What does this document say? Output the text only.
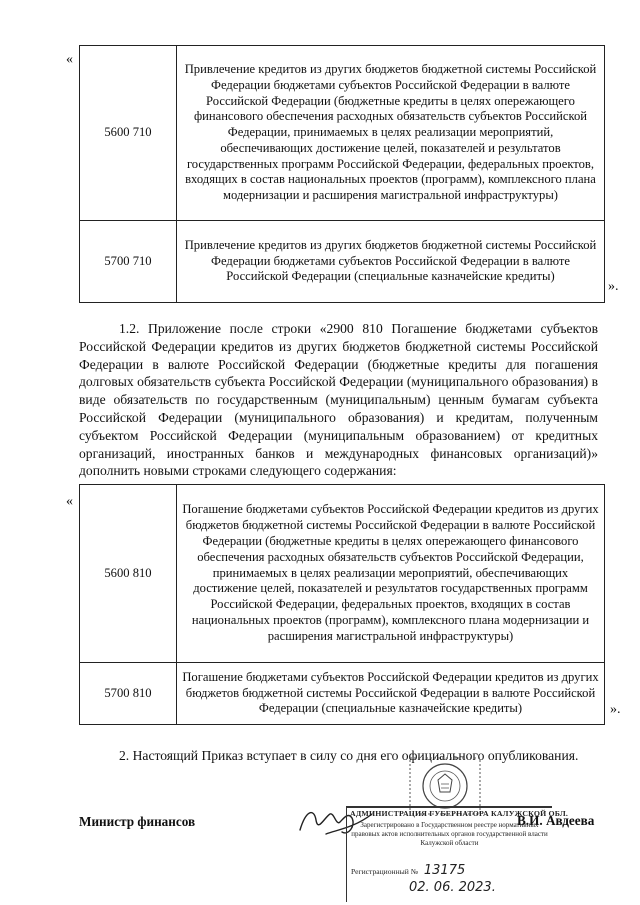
«
5600 710	Привлечение кредитов из других бюджетов бюджетной системы Российской Федерации бюджетами субъектов Российской Федерации в валюте Российской Федерации (бюджетные кредиты в целях опережающего финансового обеспечения расходных обязательств субъектов Российской Федерации, принимаемых в целях реализации мероприятий, обеспечивающих достижение целей, показателей и результатов государственных программ Российской Федерации, федеральных проектов, входящих в состав национальных проектов (программ), комплексного плана модернизации и расширения магистральной инфраструктуры)
5700 710	Привлечение кредитов из других бюджетов бюджетной системы Российской Федерации бюджетами субъектов Российской Федерации в валюте Российской Федерации (специальные казначейские кредиты)
».

1.2. Приложение после строки «2900 810 Погашение бюджетами субъектов Российской Федерации кредитов из других бюджетов бюджетной системы Российской Федерации в валюте Российской Федерации (бюджетные кредиты для погашения долговых обязательств субъекта Российской Федерации (муниципального образования) в виде обязательств по государственным (муниципальным) ценным бумагам субъекта Российской Федерации (муниципального образования) и кредитам, полученным субъектом Российской Федерации (муниципальным образованием) от кредитных организаций, иностранных банков и международных финансовых организаций)» дополнить новыми строками следующего содержания:

«
5600 810	Погашение бюджетами субъектов Российской Федерации кредитов из других бюджетов бюджетной системы Российской Федерации в валюте Российской Федерации (бюджетные кредиты в целях опережающего финансового обеспечения расходных обязательств субъектов Российской Федерации, принимаемых в целях реализации мероприятий, обеспечивающих достижение целей, показателей и результатов государственных программ Российской Федерации, федеральных проектов, входящих в состав национальных проектов (программ), комплексного плана модернизации и расширения магистральной инфраструктуры)
5700 810	Погашение бюджетами субъектов Российской Федерации кредитов из других бюджетов бюджетной системы Российской Федерации в валюте Российской Федерации (специальные казначейские кредиты)	».

2. Настоящий Приказ вступает в силу со дня его официального опубликования.

Министр финансов	В.И. Авдеева
АДМИНИСТРАЦИЯ ГУБЕРНАТОРА КАЛУЖСКОЙ ОБЛ.
Зарегистрировано в Государственном реестре нормативных
правовых актов исполнительных органов государственной власти
Калужской области
Регистрационный № 13175
02. 06. 2023.
